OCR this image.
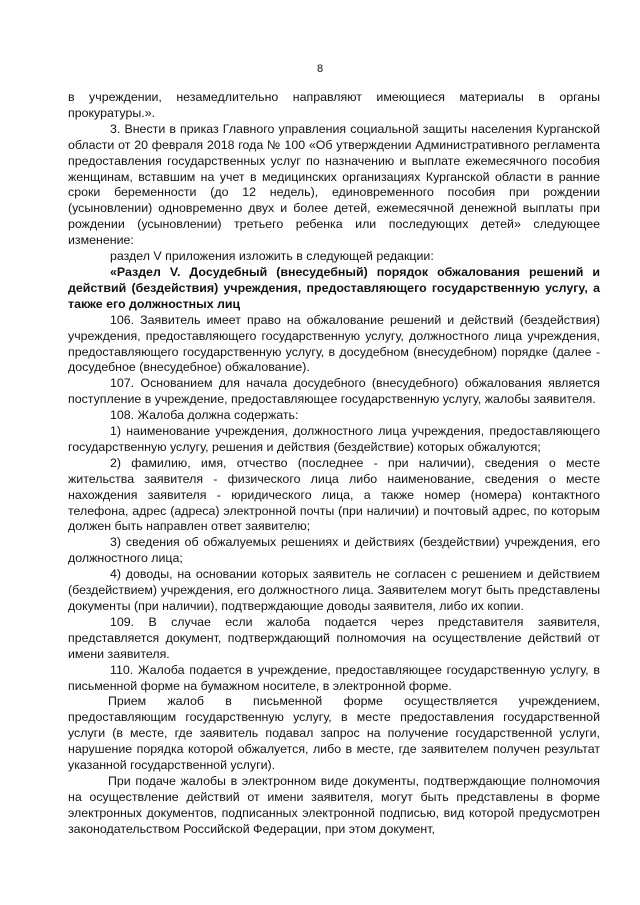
8

в учреждении, незамедлительно направляют имеющиеся материалы в органы прокуратуры.».

3. Внести в приказ Главного управления социальной защиты населения Курганской области от 20 февраля 2018 года № 100 «Об утверждении Административного регламента предоставления государственных услуг по назначению и выплате ежемесячного пособия женщинам, вставшим на учет в медицинских организациях Курганской области в ранние сроки беременности (до 12 недель), единовременного пособия при рождении (усыновлении) одновременно двух и более детей, ежемесячной денежной выплаты при рождении (усыновлении) третьего ребенка или последующих детей» следующее изменение:

раздел V приложения изложить в следующей редакции:

«Раздел V. Досудебный (внесудебный) порядок обжалования решений и действий (бездействия) учреждения, предоставляющего государственную услугу, а также его должностных лиц

106. Заявитель имеет право на обжалование решений и действий (бездействия) учреждения, предоставляющего государственную услугу, должностного лица учреждения, предоставляющего государственную услугу, в досудебном (внесудебном) порядке (далее - досудебное (внесудебное) обжалование).

107. Основанием для начала досудебного (внесудебного) обжалования является поступление в учреждение, предоставляющее государственную услугу, жалобы заявителя.

108. Жалоба должна содержать:

1) наименование учреждения, должностного лица учреждения, предоставляющего государственную услугу, решения и действия (бездействие) которых обжалуются;

2) фамилию, имя, отчество (последнее - при наличии), сведения о месте жительства заявителя - физического лица либо наименование, сведения о месте нахождения заявителя - юридического лица, а также номер (номера) контактного телефона, адрес (адреса) электронной почты (при наличии) и почтовый адрес, по которым должен быть направлен ответ заявителю;

3) сведения об обжалуемых решениях и действиях (бездействии) учреждения, его должностного лица;

4) доводы, на основании которых заявитель не согласен с решением и действием (бездействием) учреждения, его должностного лица. Заявителем могут быть представлены документы (при наличии), подтверждающие доводы заявителя, либо их копии.

109. В случае если жалоба подается через представителя заявителя, представляется документ, подтверждающий полномочия на осуществление действий от имени заявителя.

110. Жалоба подается в учреждение, предоставляющее государственную услугу, в письменной форме на бумажном носителе, в электронной форме.

Прием жалоб в письменной форме осуществляется учреждением, предоставляющим государственную услугу, в месте предоставления государственной услуги (в месте, где заявитель подавал запрос на получение государственной услуги, нарушение порядка которой обжалуется, либо в месте, где заявителем получен результат указанной государственной услуги).

При подаче жалобы в электронном виде документы, подтверждающие полномочия на осуществление действий от имени заявителя, могут быть представлены в форме электронных документов, подписанных электронной подписью, вид которой предусмотрен законодательством Российской Федерации, при этом документ,
